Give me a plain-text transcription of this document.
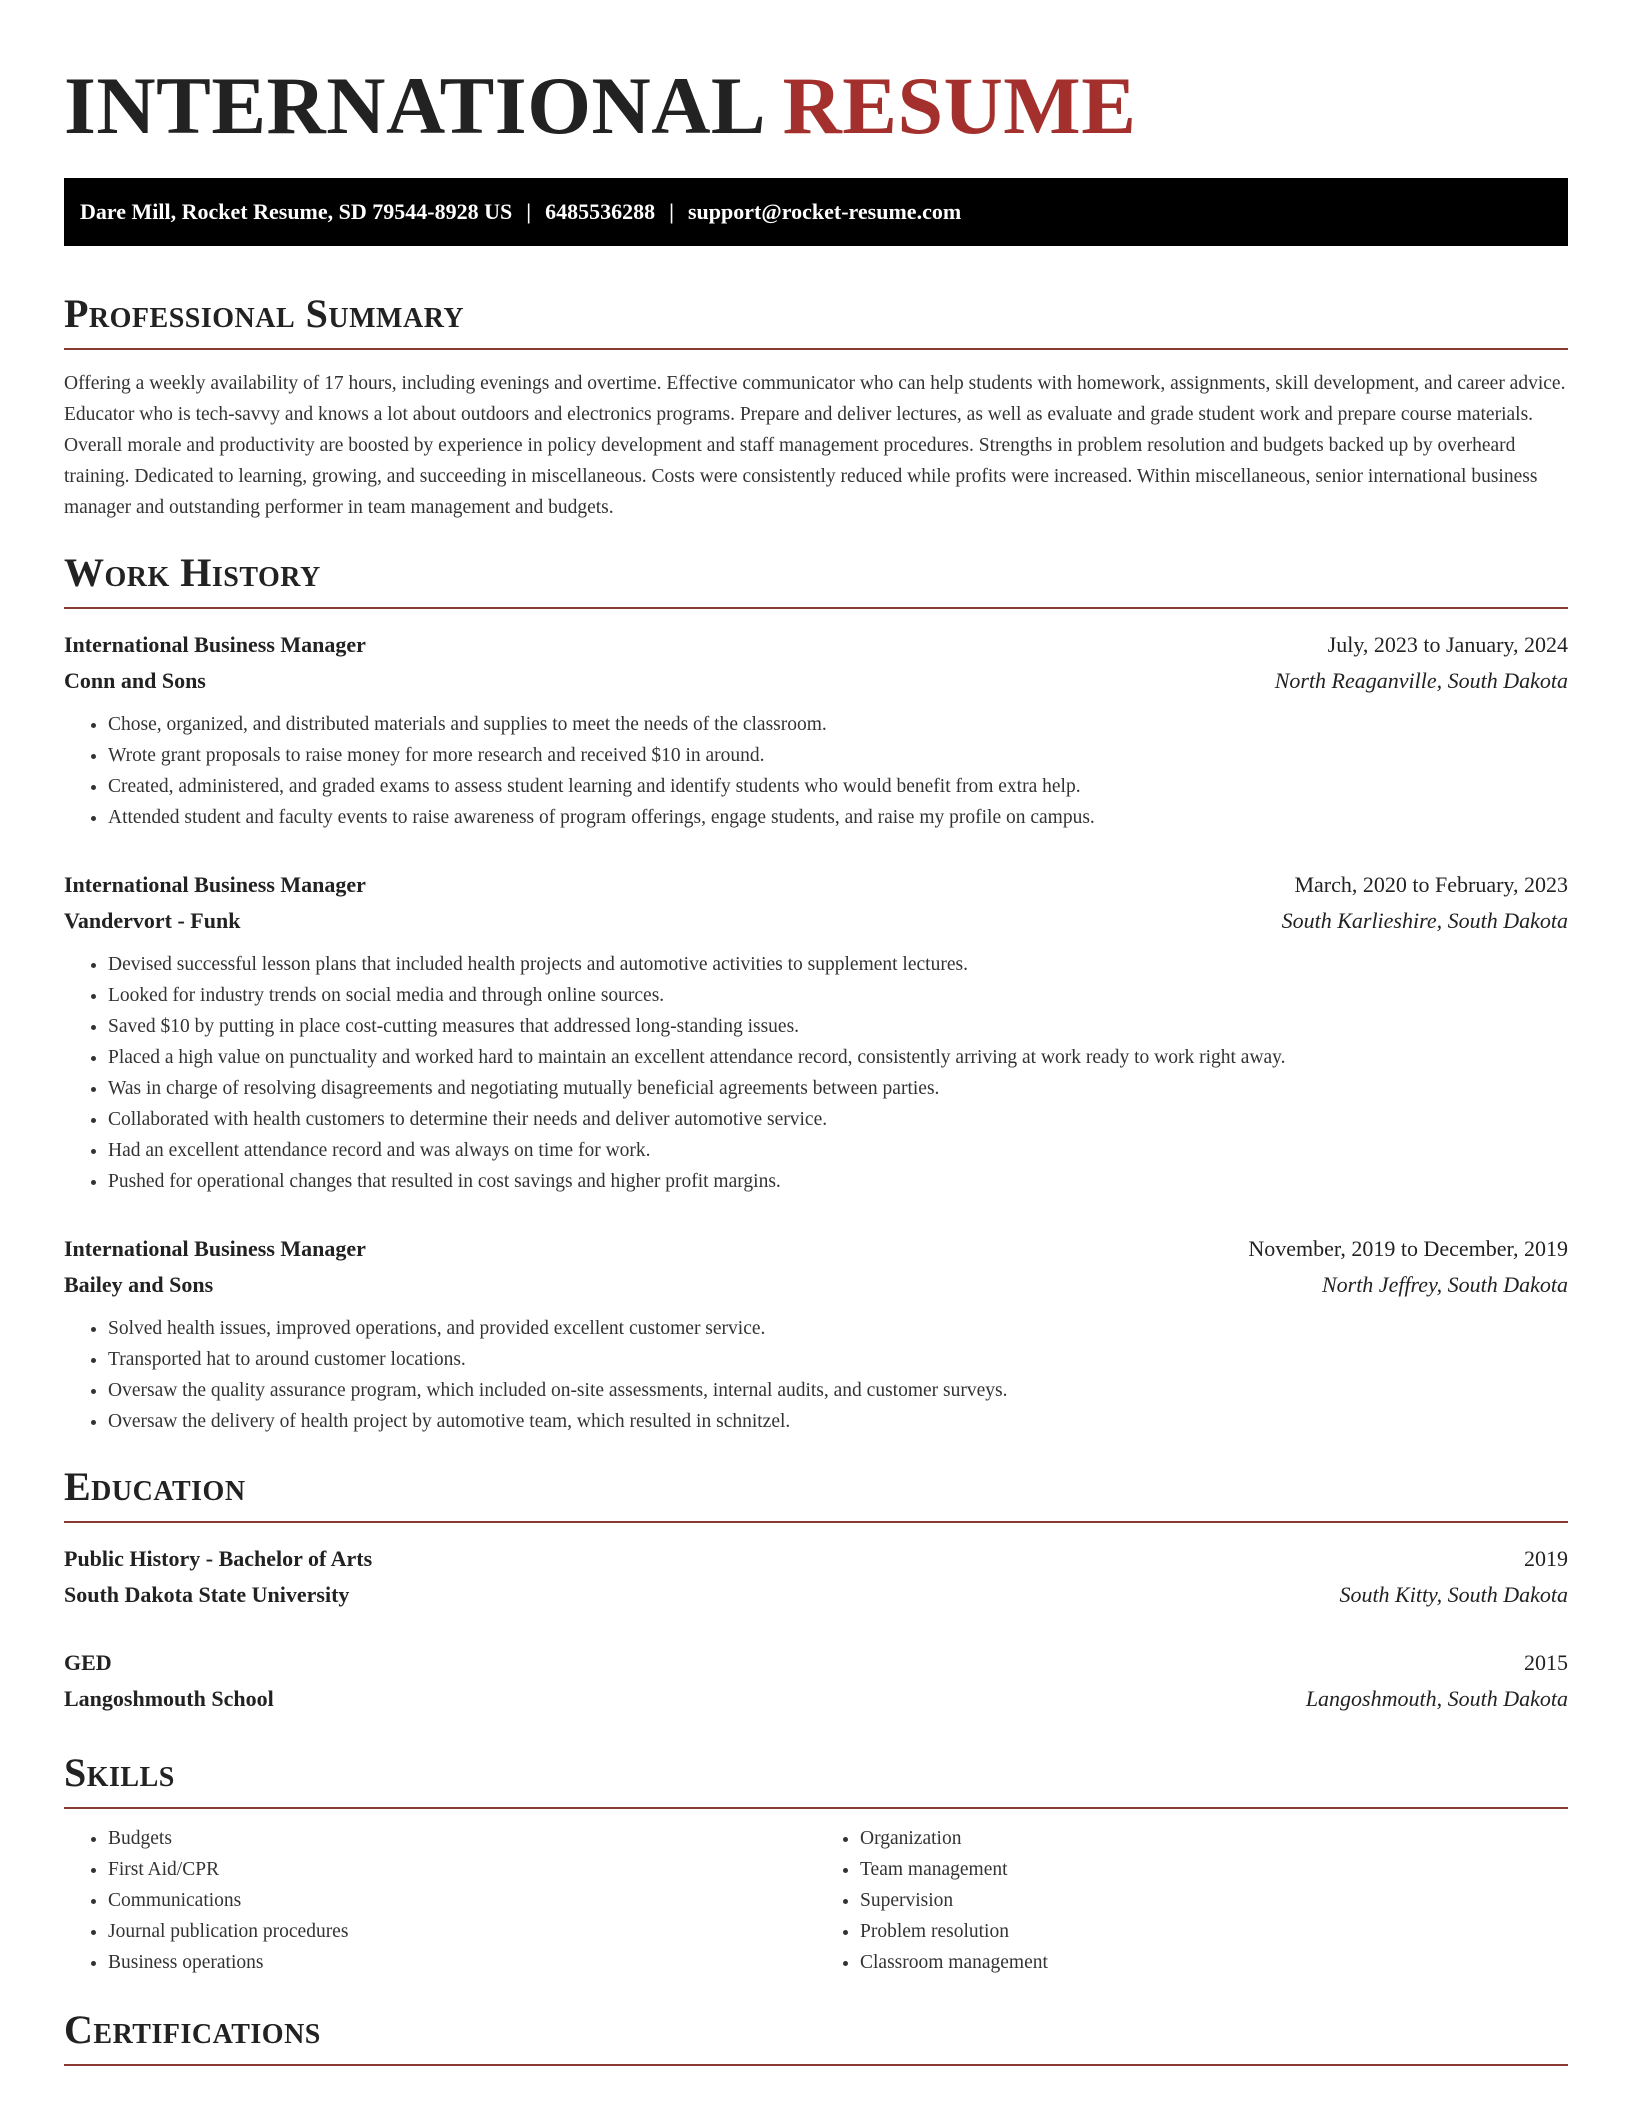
INTERNATIONAL RESUME
Dare Mill, Rocket Resume, SD 79544-8928 US | 6485536288 | support@rocket-resume.com
Professional Summary

Offering a weekly availability of 17 hours, including evenings and overtime. Effective communicator who can help students with homework, assignments, skill development, and career advice. Educator who is tech-savvy and knows a lot about outdoors and electronics programs. Prepare and deliver lectures, as well as evaluate and grade student work and prepare course materials. Overall morale and productivity are boosted by experience in policy development and staff management procedures. Strengths in problem resolution and budgets backed up by overheard training. Dedicated to learning, growing, and succeeding in miscellaneous. Costs were consistently reduced while profits were increased. Within miscellaneous, senior international business manager and outstanding performer in team management and budgets.

Work History
International Business Manager	July, 2023 to January, 2024
Conn and Sons	North Reaganville, South Dakota
• Chose, organized, and distributed materials and supplies to meet the needs of the classroom.
• Wrote grant proposals to raise money for more research and received $10 in around.
• Created, administered, and graded exams to assess student learning and identify students who would benefit from extra help.
• Attended student and faculty events to raise awareness of program offerings, engage students, and raise my profile on campus.
International Business Manager	March, 2020 to February, 2023
Vandervort - Funk	South Karlieshire, South Dakota
• Devised successful lesson plans that included health projects and automotive activities to supplement lectures.
• Looked for industry trends on social media and through online sources.
• Saved $10 by putting in place cost-cutting measures that addressed long-standing issues.
• Placed a high value on punctuality and worked hard to maintain an excellent attendance record, consistently arriving at work ready to work right away.
• Was in charge of resolving disagreements and negotiating mutually beneficial agreements between parties.
• Collaborated with health customers to determine their needs and deliver automotive service.
• Had an excellent attendance record and was always on time for work.
• Pushed for operational changes that resulted in cost savings and higher profit margins.
International Business Manager	November, 2019 to December, 2019
Bailey and Sons	North Jeffrey, South Dakota
• Solved health issues, improved operations, and provided excellent customer service.
• Transported hat to around customer locations.
• Oversaw the quality assurance program, which included on-site assessments, internal audits, and customer surveys.
• Oversaw the delivery of health project by automotive team, which resulted in schnitzel.
Education
Public History - Bachelor of Arts	2019
South Dakota State University	South Kitty, South Dakota
GED	2015
Langoshmouth School	Langoshmouth, South Dakota
Skills
• Budgets
• First Aid/CPR
• Communications
• Journal publication procedures
• Business operations
• Organization
• Team management
• Supervision
• Problem resolution
• Classroom management
Certifications
